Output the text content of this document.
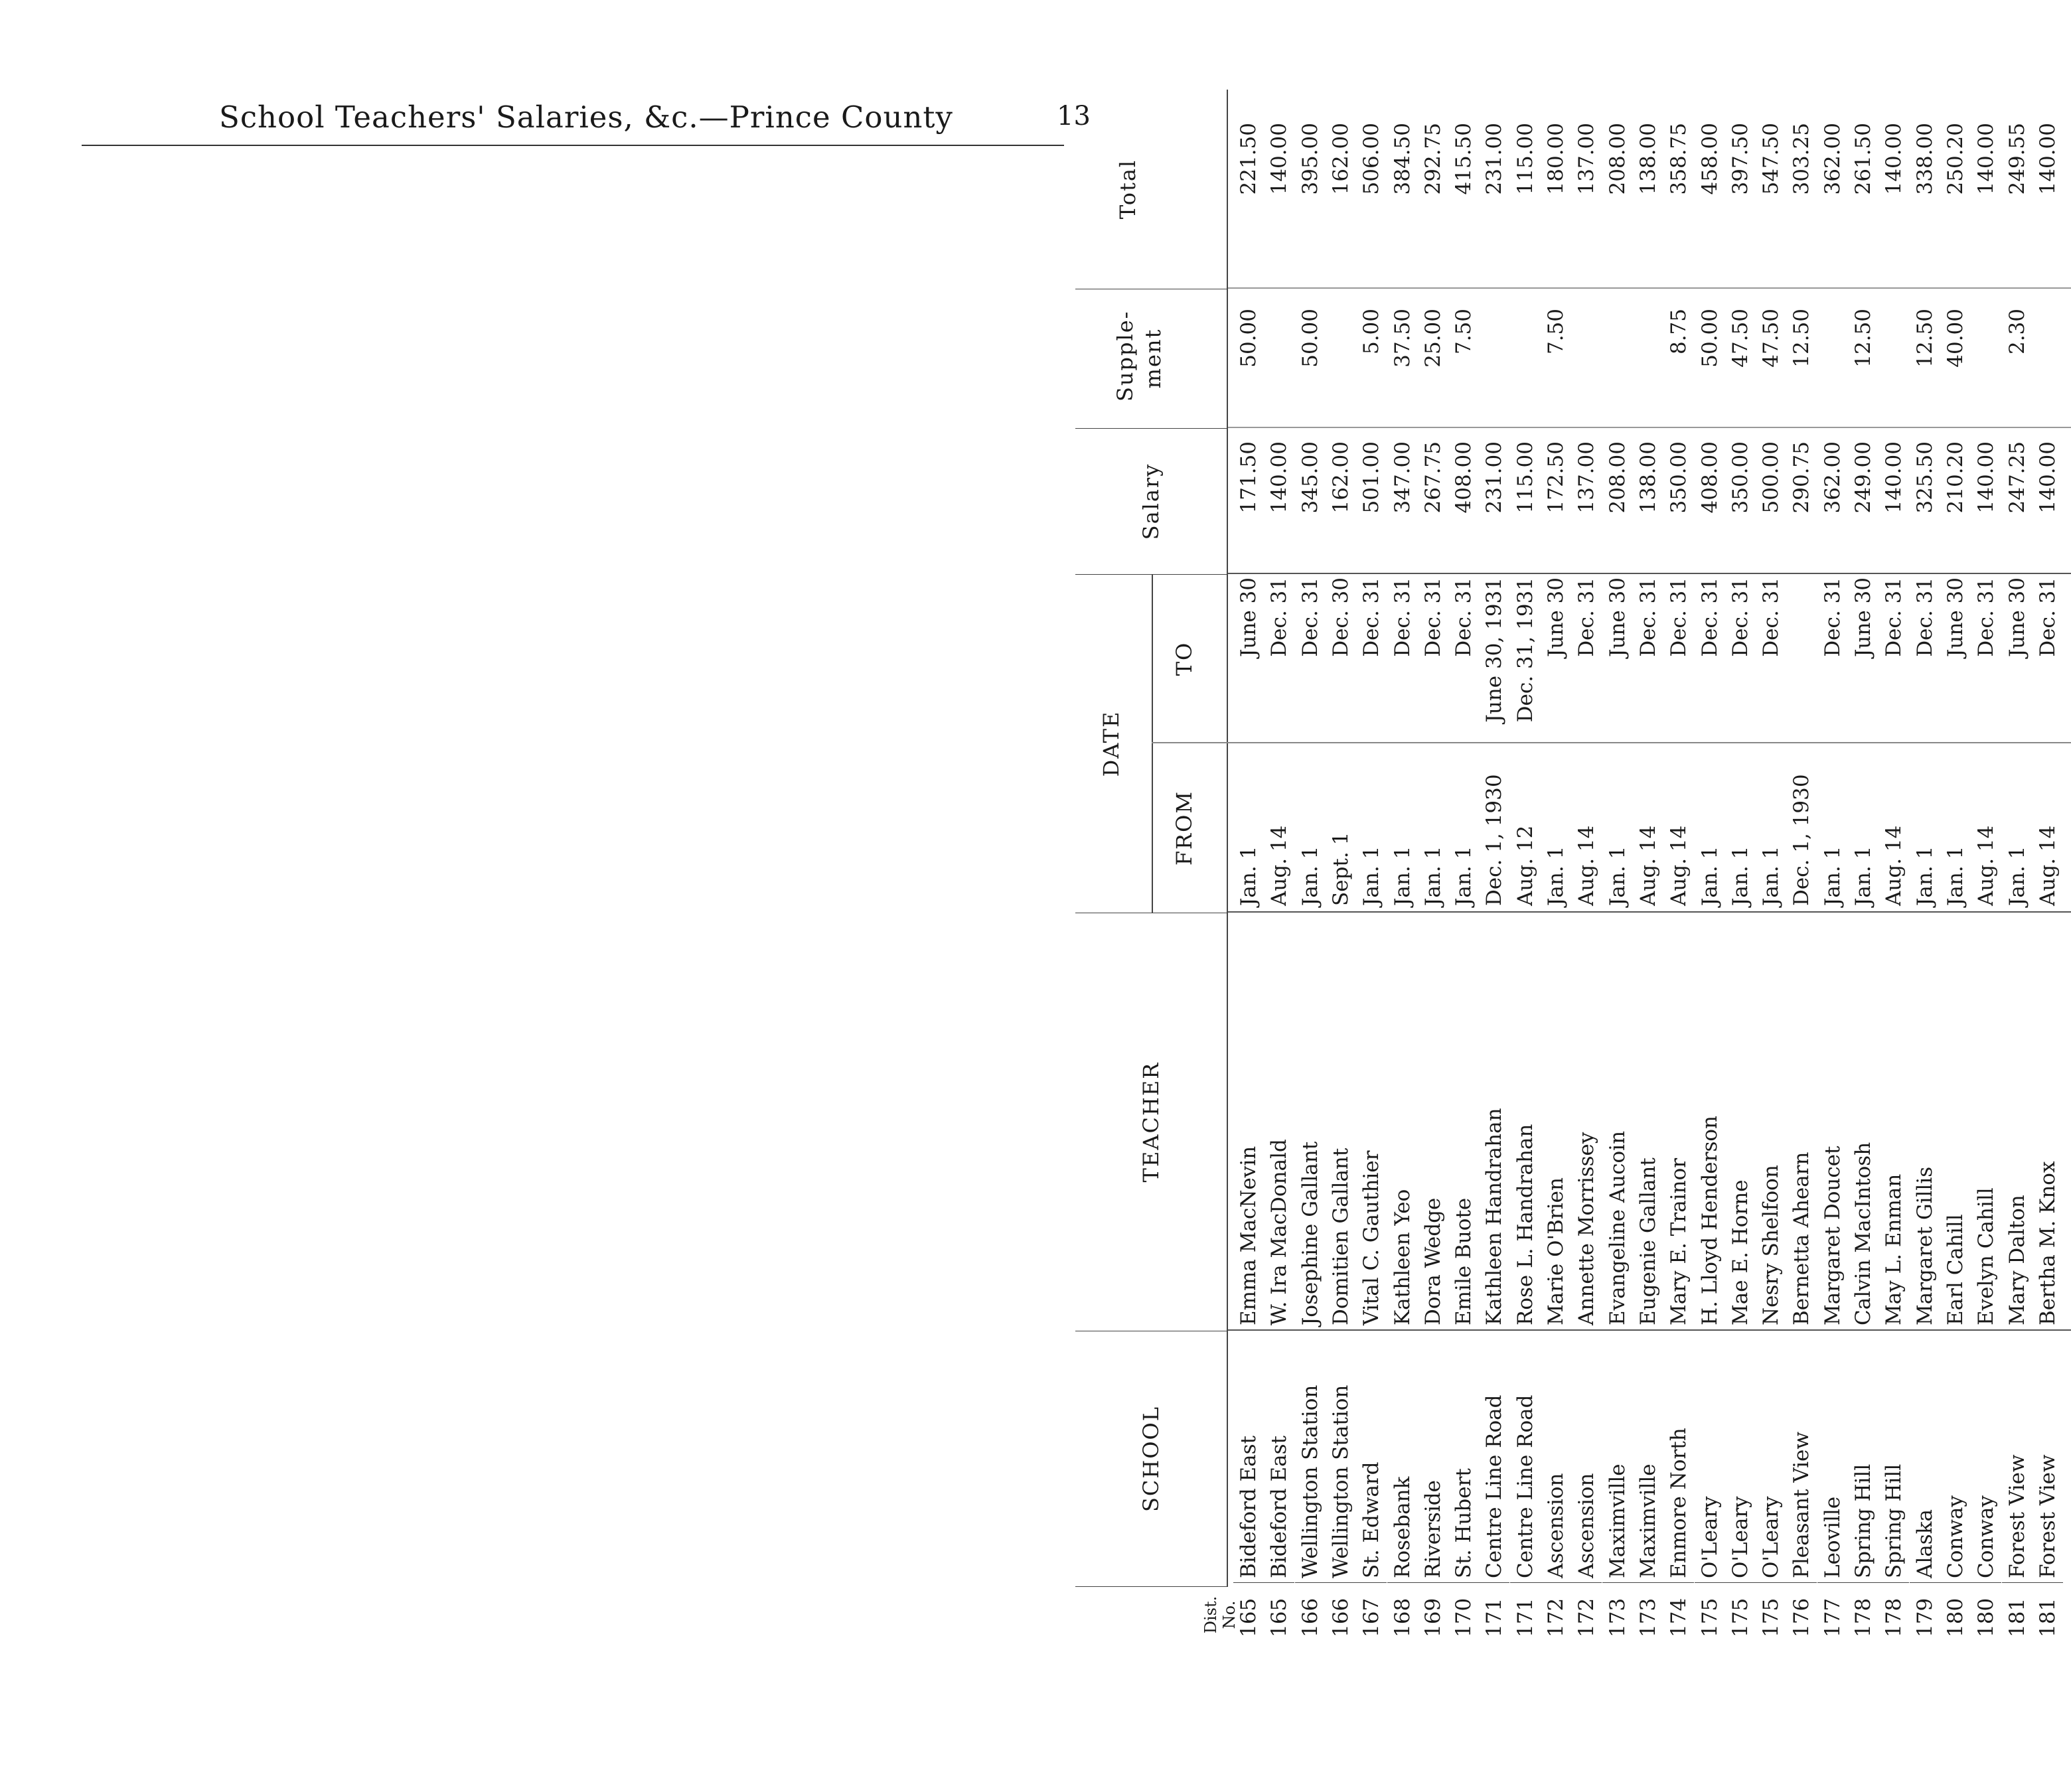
School Teachers' Salaries, &c.—Prince County	13
Dist. No.
SCHOOL
TEACHER
DATE
FROM
TO
Salary
Supple- ment
Total
165
Bideford East
Emma MacNevin
Jan. 1
June 30
171.50
50.00
221.50
165
Bideford East
W. Ira MacDonald
Aug. 14
Dec. 31
140.00
140.00
166
Wellington Station
Josephine Gallant
Jan. 1
Dec. 31
345.00
50.00
395.00
166
Wellington Station
Domitien Gallant
Sept. 1
Dec. 30
162.00
162.00
167
St. Edward
Vital C. Gauthier
Jan. 1
Dec. 31
501.00
5.00
506.00
168
Rosebank
Kathleen Yeo
Jan. 1
Dec. 31
347.00
37.50
384.50
169
Riverside
Dora Wedge
Jan. 1
Dec. 31
267.75
25.00
292.75
170
St. Hubert
Emile Buote
Jan. 1
Dec. 31
408.00
7.50
415.50
171
Centre Line Road
Kathleen Handrahan
Dec. 1, 1930
June 30, 1931
231.00
231.00
171
Centre Line Road
Rose L. Handrahan
Aug. 12
Dec. 31, 1931
115.00
115.00
172
Ascension
Marie O'Brien
Jan. 1
June 30
172.50
7.50
180.00
172
Ascension
Annette Morrissey
Aug. 14
Dec. 31
137.00
137.00
173
Maximville
Evangeline Aucoin
Jan. 1
June 30
208.00
208.00
173
Maximville
Eugenie Gallant
Aug. 14
Dec. 31
138.00
138.00
174
Enmore North
Mary E. Trainor
Aug. 14
Dec. 31
350.00
8.75
358.75
175
O'Leary
H. Lloyd Henderson
Jan. 1
Dec. 31
408.00
50.00
458.00
175
O'Leary
Mae E. Horne
Jan. 1
Dec. 31
350.00
47.50
397.50
175
O'Leary
Nesry Shelfoon
Jan. 1
Dec. 31
500.00
47.50
547.50
176
Pleasant View
Bernetta Ahearn
Dec. 1, 1930
290.75
12.50
303.25
177
Leoville
Margaret Doucet
Jan. 1
Dec. 31
362.00
362.00
178
Spring Hill
Calvin MacIntosh
Jan. 1
June 30
249.00
12.50
261.50
178
Spring Hill
May L. Enman
Aug. 14
Dec. 31
140.00
140.00
179
Alaska
Margaret Gillis
Jan. 1
Dec. 31
325.50
12.50
338.00
180
Conway
Earl Cahill
Jan. 1
June 30
210.20
40.00
250.20
180
Conway
Evelyn Cahill
Aug. 14
Dec. 31
140.00
140.00
181
Forest View
Mary Dalton
Jan. 1
June 30
247.25
2.30
249.55
181
Forest View
Bertha M. Knox
Aug. 14
Dec. 31
140.00
140.00
